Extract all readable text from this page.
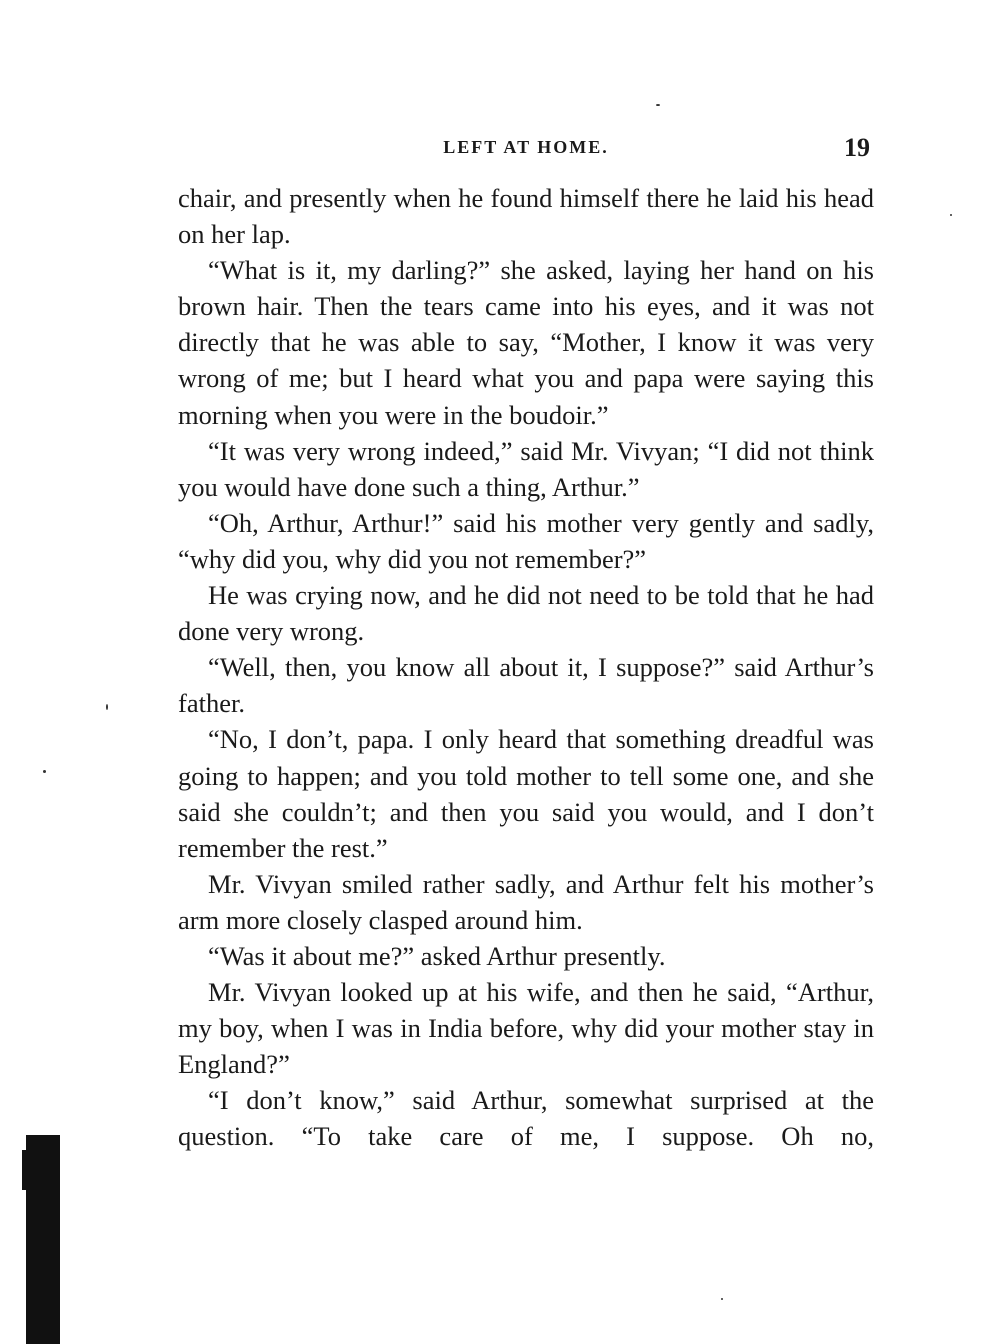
LEFT AT HOME.	19

chair, and presently when he found himself there he laid his head on her lap.

“What is it, my darling?” she asked, laying her hand on his brown hair. Then the tears came into his eyes, and it was not directly that he was able to say, “Mother, I know it was very wrong of me; but I heard what you and papa were saying this morning when you were in the boudoir.”

“It was very wrong indeed,” said Mr. Vivyan; “I did not think you would have done such a thing, Arthur.”

“Oh, Arthur, Arthur!” said his mother very gently and sadly, “why did you, why did you not remember?”

He was crying now, and he did not need to be told that he had done very wrong.

“Well, then, you know all about it, I suppose?” said Arthur’s father.

“No, I don’t, papa. I only heard that something dreadful was going to happen; and you told mother to tell some one, and she said she couldn’t; and then you said you would, and I don’t remember the rest.”

Mr. Vivyan smiled rather sadly, and Arthur felt his mother’s arm more closely clasped around him.

“Was it about me?” asked Arthur presently.

Mr. Vivyan looked up at his wife, and then he said, “Arthur, my boy, when I was in India before, why did your mother stay in England?”

“I don’t know,” said Arthur, somewhat surprised at the question. “To take care of me, I suppose. Oh no,
